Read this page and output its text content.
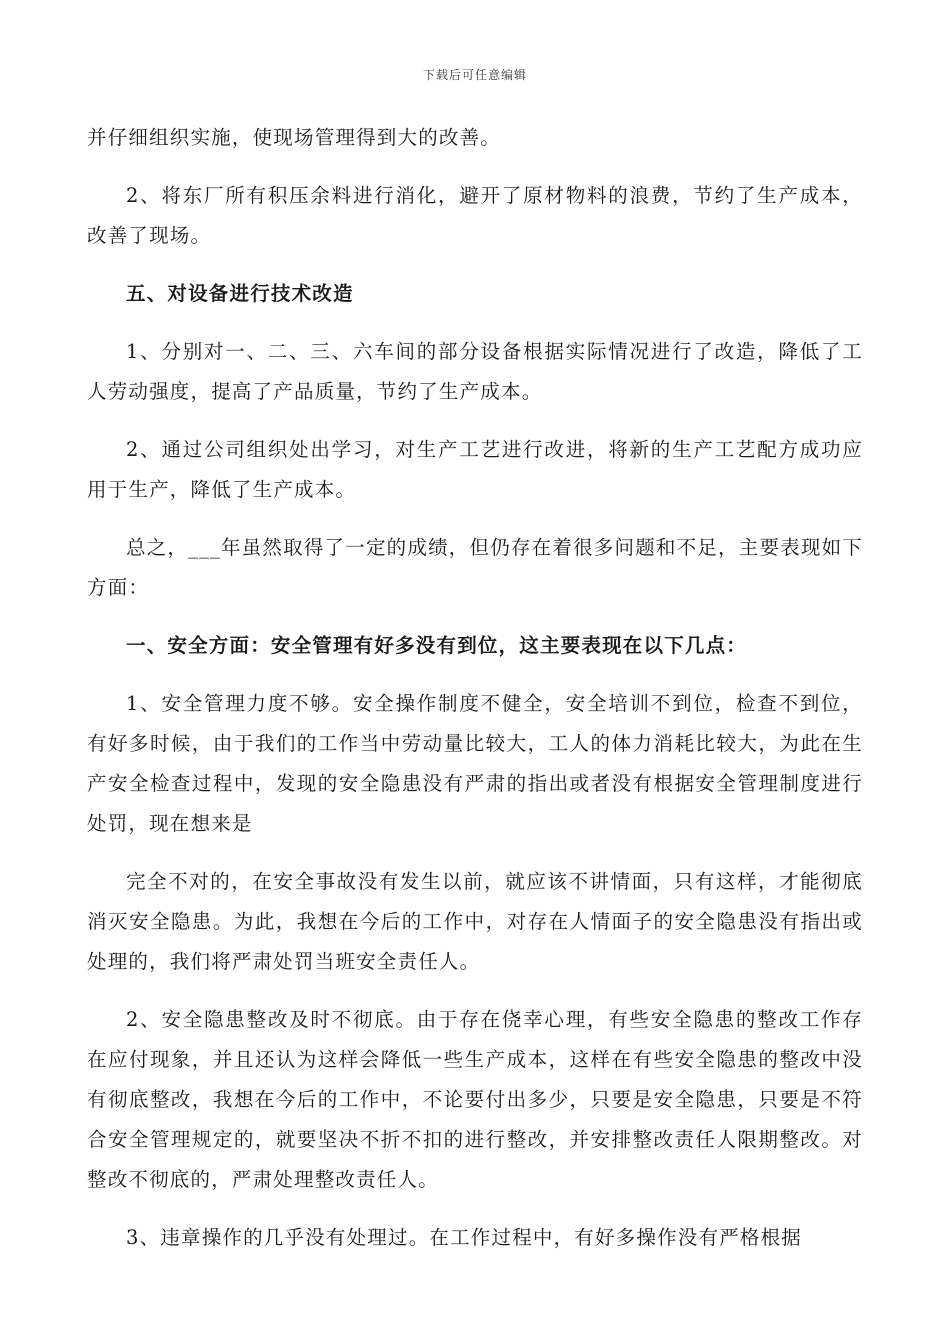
下载后可任意编辑

并仔细组织实施，使现场管理得到大的改善。

2、将东厂所有积压余料进行消化，避开了原材物料的浪费，节约了生产成本，改善了现场。

五、对设备进行技术改造

1、分别对一、二、三、六车间的部分设备根据实际情况进行了改造，降低了工人劳动强度，提高了产品质量，节约了生产成本。

2、通过公司组织处出学习，对生产工艺进行改进，将新的生产工艺配方成功应用于生产，降低了生产成本。

总之，___年虽然取得了一定的成绩，但仍存在着很多问题和不足，主要表现如下方面：

一、安全方面：安全管理有好多没有到位，这主要表现在以下几点：

1、安全管理力度不够。安全操作制度不健全，安全培训不到位，检查不到位，有好多时候，由于我们的工作当中劳动量比较大，工人的体力消耗比较大，为此在生产安全检查过程中，发现的安全隐患没有严肃的指出或者没有根据安全管理制度进行处罚，现在想来是

完全不对的，在安全事故没有发生以前，就应该不讲情面，只有这样，才能彻底消灭安全隐患。为此，我想在今后的工作中，对存在人情面子的安全隐患没有指出或处理的，我们将严肃处罚当班安全责任人。

2、安全隐患整改及时不彻底。由于存在侥幸心理，有些安全隐患的整改工作存在应付现象，并且还认为这样会降低一些生产成本，这样在有些安全隐患的整改中没有彻底整改，我想在今后的工作中，不论要付出多少，只要是安全隐患，只要是不符合安全管理规定的，就要坚决不折不扣的进行整改，并安排整改责任人限期整改。对整改不彻底的，严肃处理整改责任人。

3、违章操作的几乎没有处理过。在工作过程中，有好多操作没有严格根据
